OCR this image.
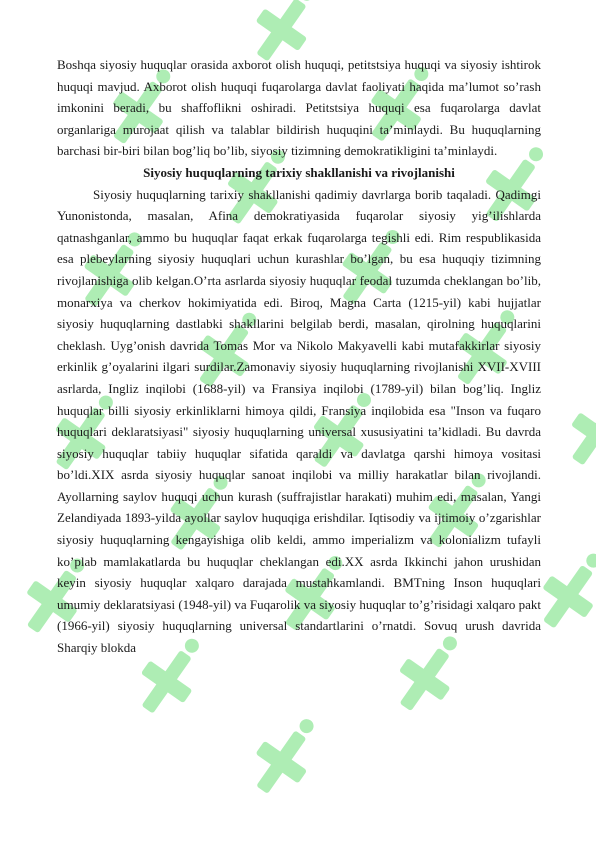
Boshqa siyosiy huquqlar orasida axborot olish huquqi, petitstsiya huquqi va siyosiy ishtirok huquqi mavjud. Axborot olish huquqi fuqarolarga davlat faoliyati haqida ma’lumot so’rash imkonini beradi, bu shaffoflikni oshiradi. Petitstsiya huquqi esa fuqarolarga davlat organlariga murojaat qilish va talablar bildirish huquqini ta’minlaydi. Bu huquqlarning barchasi bir-biri bilan bog’liq bo’lib, siyosiy tizimning demokratikligini ta’minlaydi.

Siyosiy huquqlarning tarixiy shakllanishi va rivojlanishi

Siyosiy huquqlarning tarixiy shakllanishi qadimiy davrlarga borib taqaladi. Qadimgi Yunonistonda, masalan, Afina demokratiyasida fuqarolar siyosiy yig’ilishlarda qatnashganlar, ammo bu huquqlar faqat erkak fuqarolarga tegishli edi. Rim respublikasida esa plebeylarning siyosiy huquqlari uchun kurashlar bo’lgan, bu esa huquqiy tizimning rivojlanishiga olib kelgan.O’rta asrlarda siyosiy huquqlar feodal tuzumda cheklangan bo’lib, monarxiya va cherkov hokimiyatida edi. Biroq, Magna Carta (1215-yil) kabi hujjatlar siyosiy huquqlarning dastlabki shakllarini belgilab berdi, masalan, qirolning huquqlarini cheklash. Uyg’onish davrida Tomas Mor va Nikolo Makyavelli kabi mutafakkirlar siyosiy erkinlik g’oyalarini ilgari surdilar.Zamonaviy siyosiy huquqlarning rivojlanishi XVII-XVIII asrlarda, Ingliz inqilobi (1688-yil) va Fransiya inqilobi (1789-yil) bilan bog’liq. Ingliz huquqlar billi siyosiy erkinliklarni himoya qildi, Fransiya inqilobida esa "Inson va fuqaro huquqlari deklaratsiyasi" siyosiy huquqlarning universal xususiyatini ta’kidladi. Bu davrda siyosiy huquqlar tabiiy huquqlar sifatida qaraldi va davlatga qarshi himoya vositasi bo’ldi.XIX asrda siyosiy huquqlar sanoat inqilobi va milliy harakatlar bilan rivojlandi. Ayollarning saylov huquqi uchun kurash (suffrajistlar harakati) muhim edi, masalan, Yangi Zelandiyada 1893-yilda ayollar saylov huquqiga erishdilar. Iqtisodiy va ijtimoiy o’zgarishlar siyosiy huquqlarning kengayishiga olib keldi, ammo imperializm va kolonializm tufayli ko’plab mamlakatlarda bu huquqlar cheklangan edi.XX asrda Ikkinchi jahon urushidan keyin siyosiy huquqlar xalqaro darajada mustahkamlandi. BMTning Inson huquqlari umumiy deklaratsiyasi (1948-yil) va Fuqarolik va siyosiy huquqlar to’g’risidagi xalqaro pakt (1966-yil) siyosiy huquqlarning universal standartlarini o’rnatdi. Sovuq urush davrida Sharqiy blokda
